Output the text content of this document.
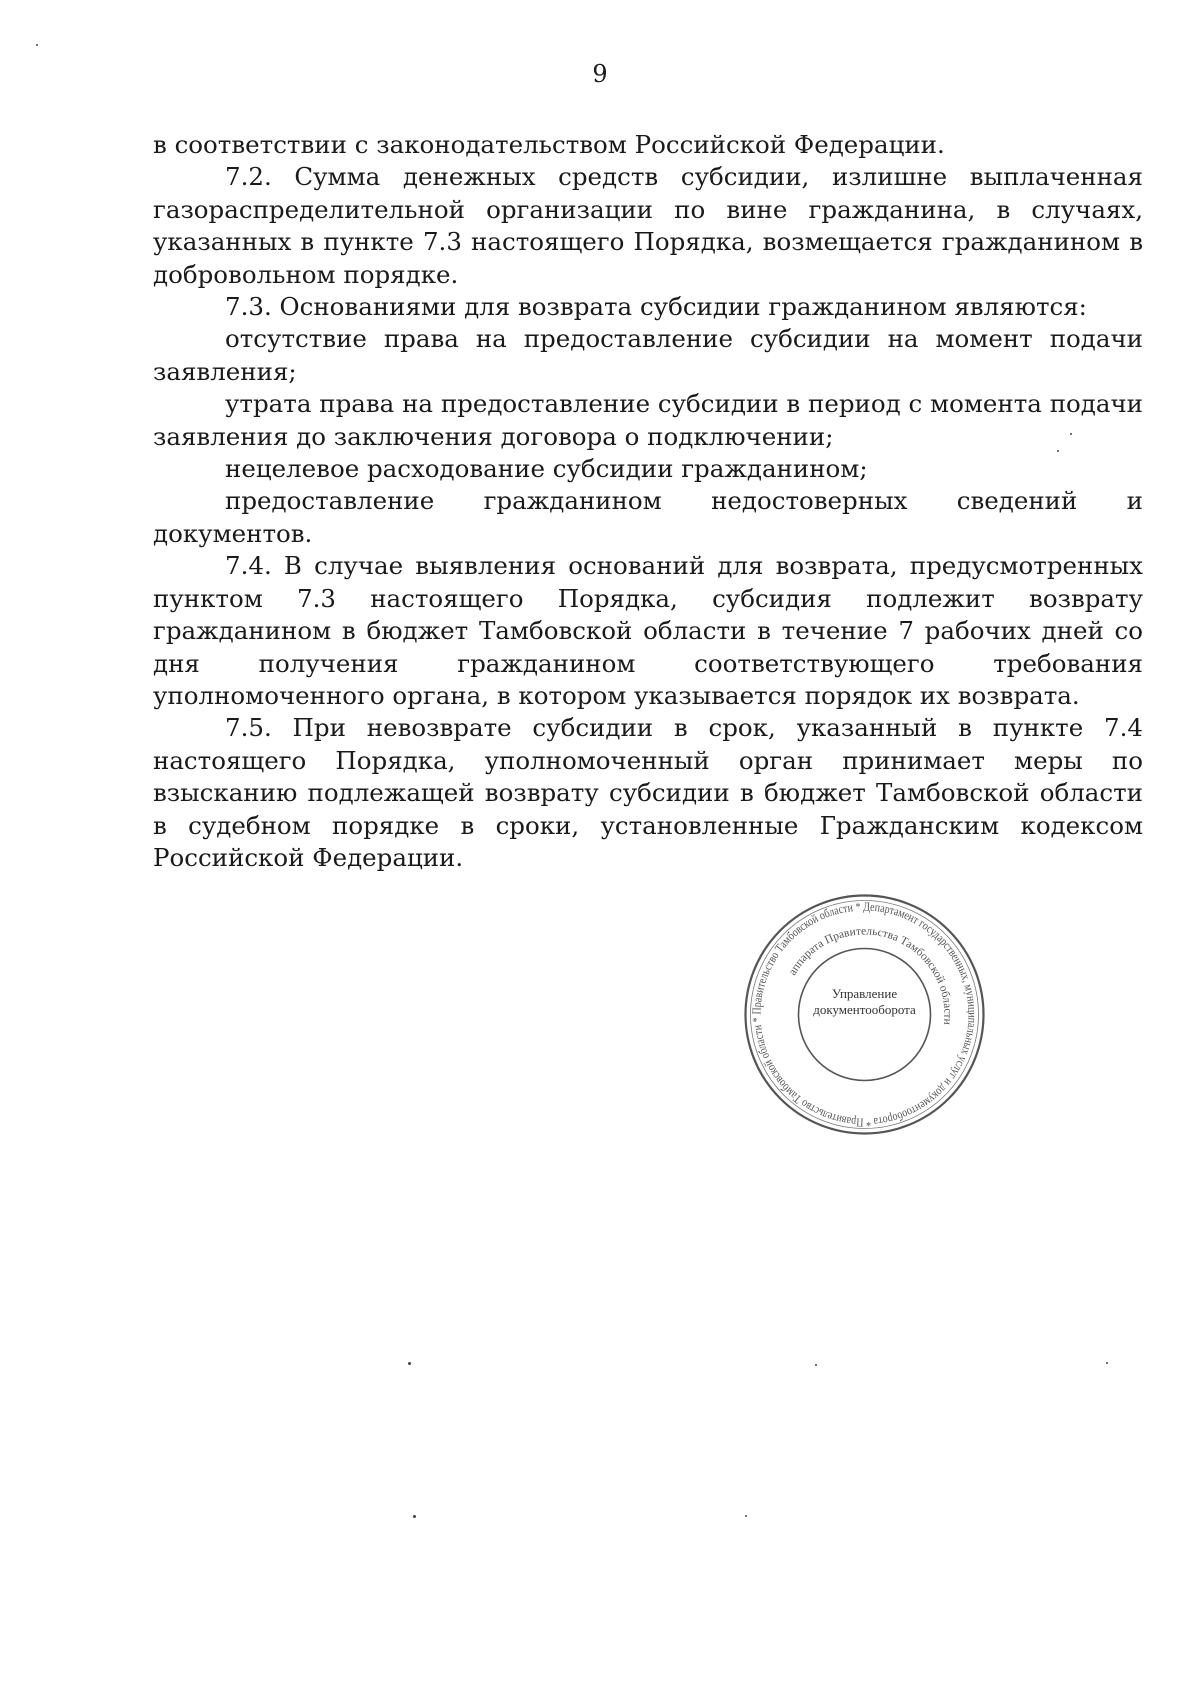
9

в соответствии с законодательством Российской Федерации.

7.2. Сумма денежных средств субсидии, излишне выплаченная газораспределительной организации по вине гражданина, в случаях, указанных в пункте 7.3 настоящего Порядка, возмещается гражданином в добровольном порядке.

7.3. Основаниями для возврата субсидии гражданином являются:

отсутствие права на предоставление субсидии на момент подачи заявления;

утрата права на предоставление субсидии в период с момента подачи заявления до заключения договора о подключении;

нецелевое расходование субсидии гражданином;

предоставление гражданином недостоверных сведений и документов.

7.4. В случае выявления оснований для возврата, предусмотренных пунктом 7.3 настоящего Порядка, субсидия подлежит возврату гражданином в бюджет Тамбовской области в течение 7 рабочих дней со дня получения гражданином соответствующего требования уполномоченного органа, в котором указывается порядок их возврата.

7.5. При невозврате субсидии в срок, указанный в пункте 7.4 настоящего Порядка, уполномоченный орган принимает меры по взысканию подлежащей возврату субсидии в бюджет Тамбовской области в судебном порядке в сроки, установленные Гражданским кодексом Российской Федерации.

Правительство Тамбовской области * Департамент государственных, муниципальных услуг и документооборота * Правительство Тамбовской области *
аппарата Правительства Тамбовской области
Управление
документооборота
